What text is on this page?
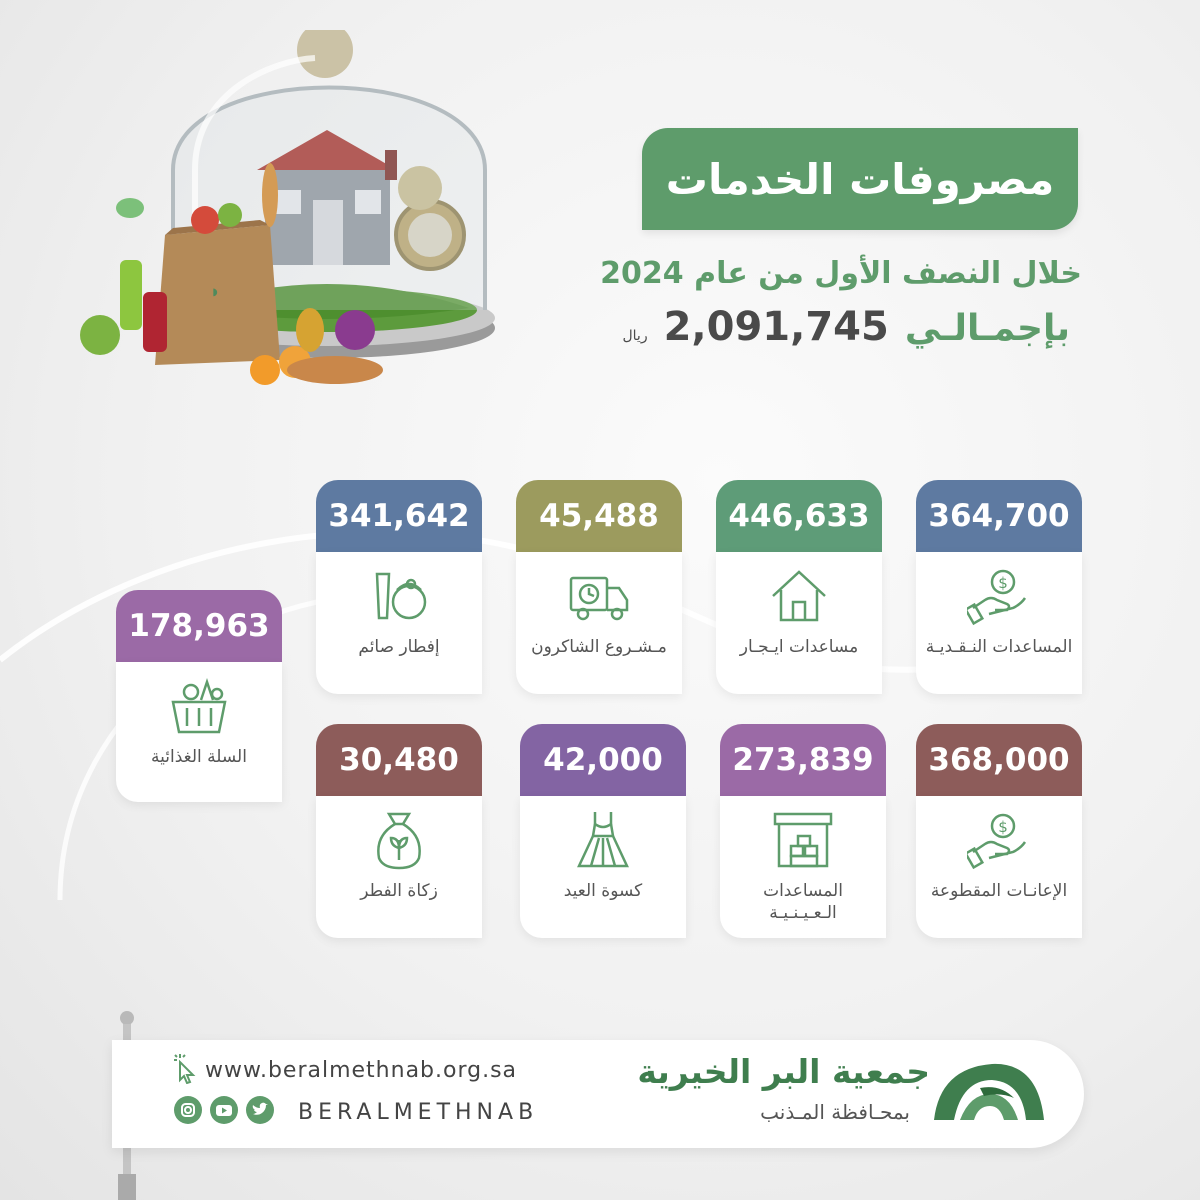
◗
مصروفات الخدمات
خلال النصف الأول من عام 2024
بإجمـالـي
2,091,745
ريال
364,700
$
المساعدات النـقـديـة
446,633
مساعدات ايـجـار
45,488
مـشـروع الشاكرون
341,642
إفطار صائم
178,963
السلة الغذائية	368,000
$
الإعانـات المقطوعة
273,839
المساعدات الـعـيـنـيـة
42,000
كسوة العيد
30,480
زكاة الفطر
www.beralmethnab.org.sa
BERALMETHNAB
جمعية البر الخيرية
بمحـافظة المـذنب
